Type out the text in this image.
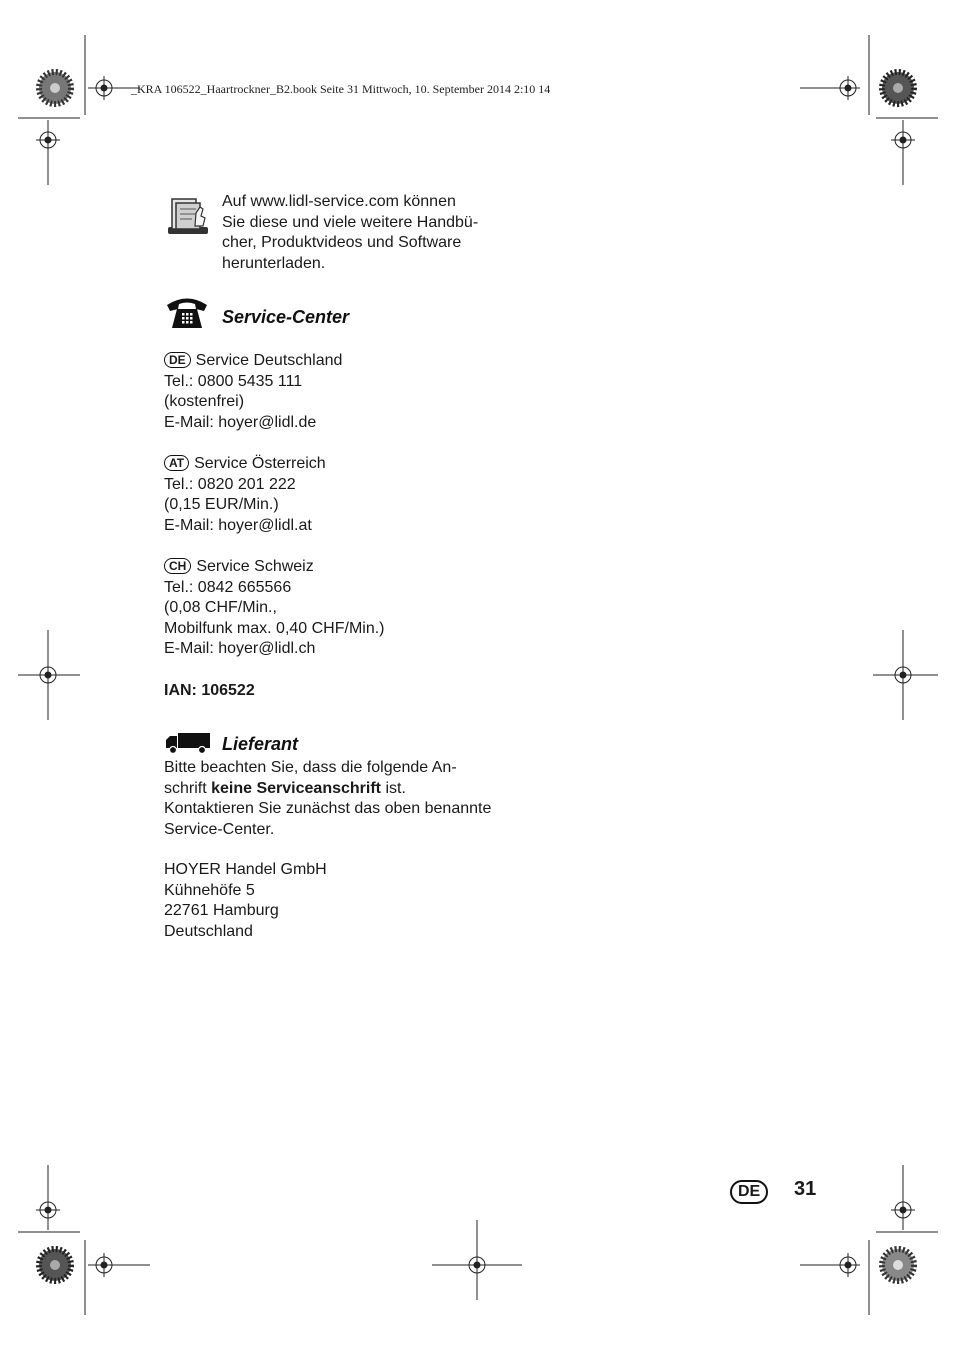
_KRA 106522_Haartrockner_B2.book Seite 31 Mittwoch, 10. September 2014 2:10 14
Auf www.lidl-service.com können
Sie diese und viele weitere Handbü-
cher, Produktvideos und Software
herunterladen.
Service-Center
DE Service Deutschland
Tel.: 0800 5435 111
(kostenfrei)
E-Mail: hoyer@lidl.de
AT Service Österreich
Tel.: 0820 201 222
(0,15 EUR/Min.)
E-Mail: hoyer@lidl.at
CH Service Schweiz
Tel.: 0842 665566
(0,08 CHF/Min.,
Mobilfunk max. 0,40 CHF/Min.)
E-Mail: hoyer@lidl.ch
IAN: 106522
Lieferant
Bitte beachten Sie, dass die folgende An-
schrift keine Serviceanschrift ist.
Kontaktieren Sie zunächst das oben benannte
Service-Center.
HOYER Handel GmbH
Kühnehöfe 5
22761 Hamburg
Deutschland
DE	31
